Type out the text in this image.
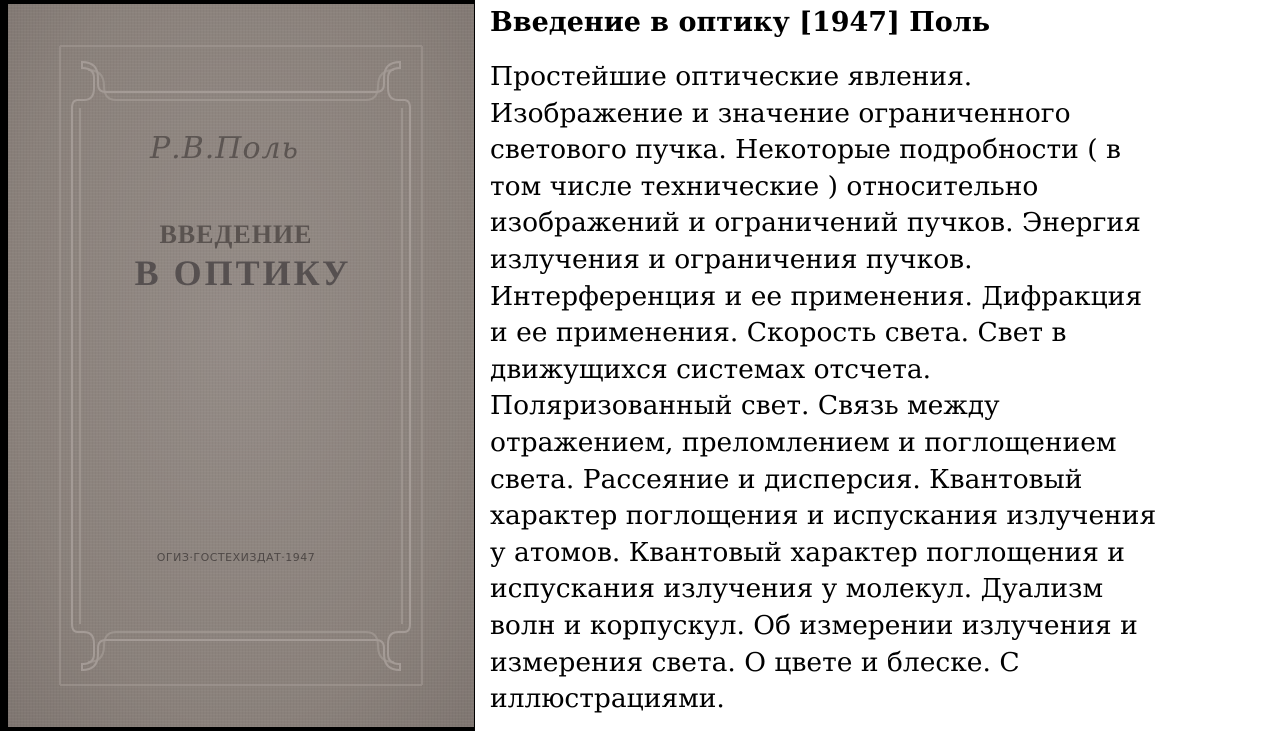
Р.В.Поль
ВВЕДЕНИЕ
В ОПТИКУ
ОГИЗ·ГОСТЕХИЗДАТ·1947
Введение в оптику [1947] Поль

Простейшие оптические явления.
Изображение и значение ограниченного
светового пучка. Некоторые подробности ( в
том числе технические ) относительно
изображений и ограничений пучков. Энергия
излучения и ограничения пучков.
Интерференция и ее применения. Дифракция
и ее применения. Скорость света. Свет в
движущихся системах отсчета.
Поляризованный свет. Связь между
отражением, преломлением и поглощением
света. Рассеяние и дисперсия. Квантовый
характер поглощения и испускания излучения
у атомов. Квантовый характер поглощения и
испускания излучения у молекул. Дуализм
волн и корпускул. Об измерении излучения и
измерения света. О цвете и блеске. С
иллюстрациями.
